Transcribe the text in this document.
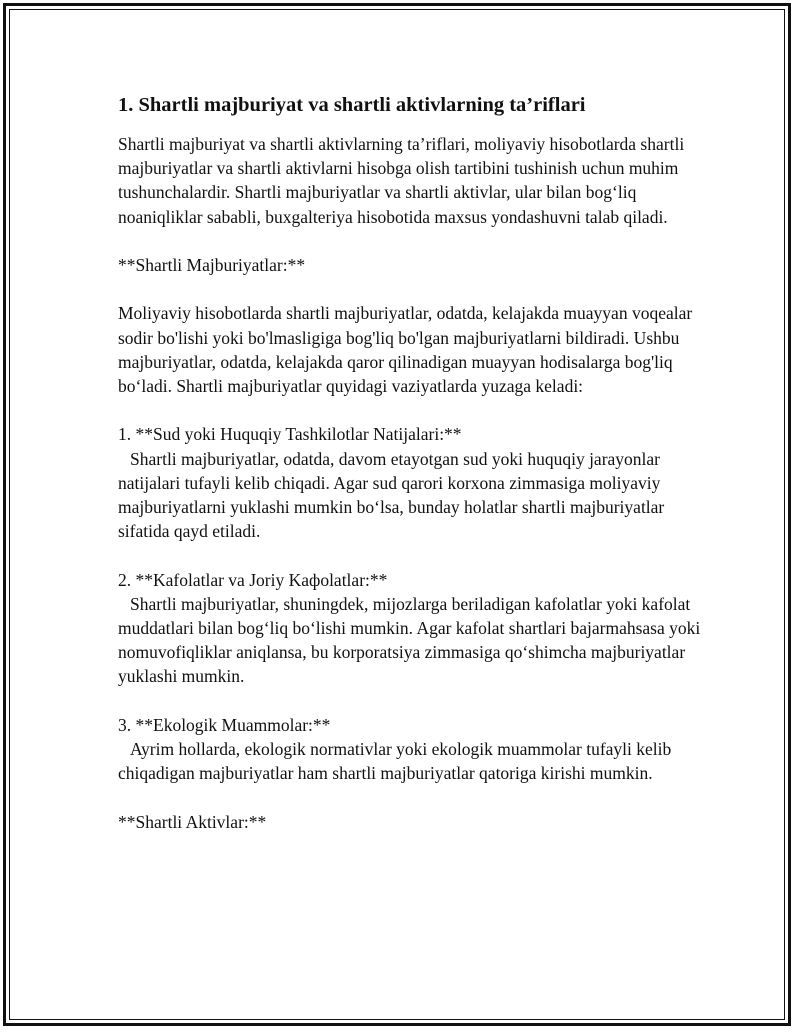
1. Shartli majburiyat va shartli aktivlarning ta’riflari

Shartli majburiyat va shartli aktivlarning ta’riflari, moliyaviy hisobotlarda shartli majburiyatlar va shartli aktivlarni hisobga olish tartibini tushinish uchun muhim tushunchalardir. Shartli majburiyatlar va shartli aktivlar, ular bilan bog‘liq noaniqliklar sababli, buxgalteriya hisobotida maxsus yondashuvni talab qiladi.

**Shartli Majburiyatlar:**

Moliyaviy hisobotlarda shartli majburiyatlar, odatda, kelajakda muayyan voqealar sodir bo'lishi yoki bo'lmasligiga bog'liq bo'lgan majburiyatlarni bildiradi. Ushbu majburiyatlar, odatda, kelajakda qaror qilinadigan muayyan hodisalarga bog'liq bo‘ladi. Shartli majburiyatlar quyidagi vaziyatlarda yuzaga keladi:

1. **Sud yoki Huquqiy Tashkilotlar Natijalari:**

Shartli majburiyatlar, odatda, davom etayotgan sud yoki huquqiy jarayonlar natijalari tufayli kelib chiqadi. Agar sud qarori korxona zimmasiga moliyaviy majburiyatlarni yuklashi mumkin bo‘lsa, bunday holatlar shartli majburiyatlar sifatida qayd etiladi.

2. **Kafolatlar va Joriy Kaфolatlar:**

Shartli majburiyatlar, shuningdek, mijozlarga beriladigan kafolatlar yoki kafolat muddatlari bilan bog‘liq bo‘lishi mumkin. Agar kafolat shartlari bajarmahsasa yoki nomuvofiqliklar aniqlansa, bu korporatsiya zimmasiga qo‘shimcha majburiyatlar yuklashi mumkin.

3. **Ekologik Muammolar:**

Ayrim hollarda, ekologik normativlar yoki ekologik muammolar tufayli kelib chiqadigan majburiyatlar ham shartli majburiyatlar qatoriga kirishi mumkin.

**Shartli Aktivlar:**
